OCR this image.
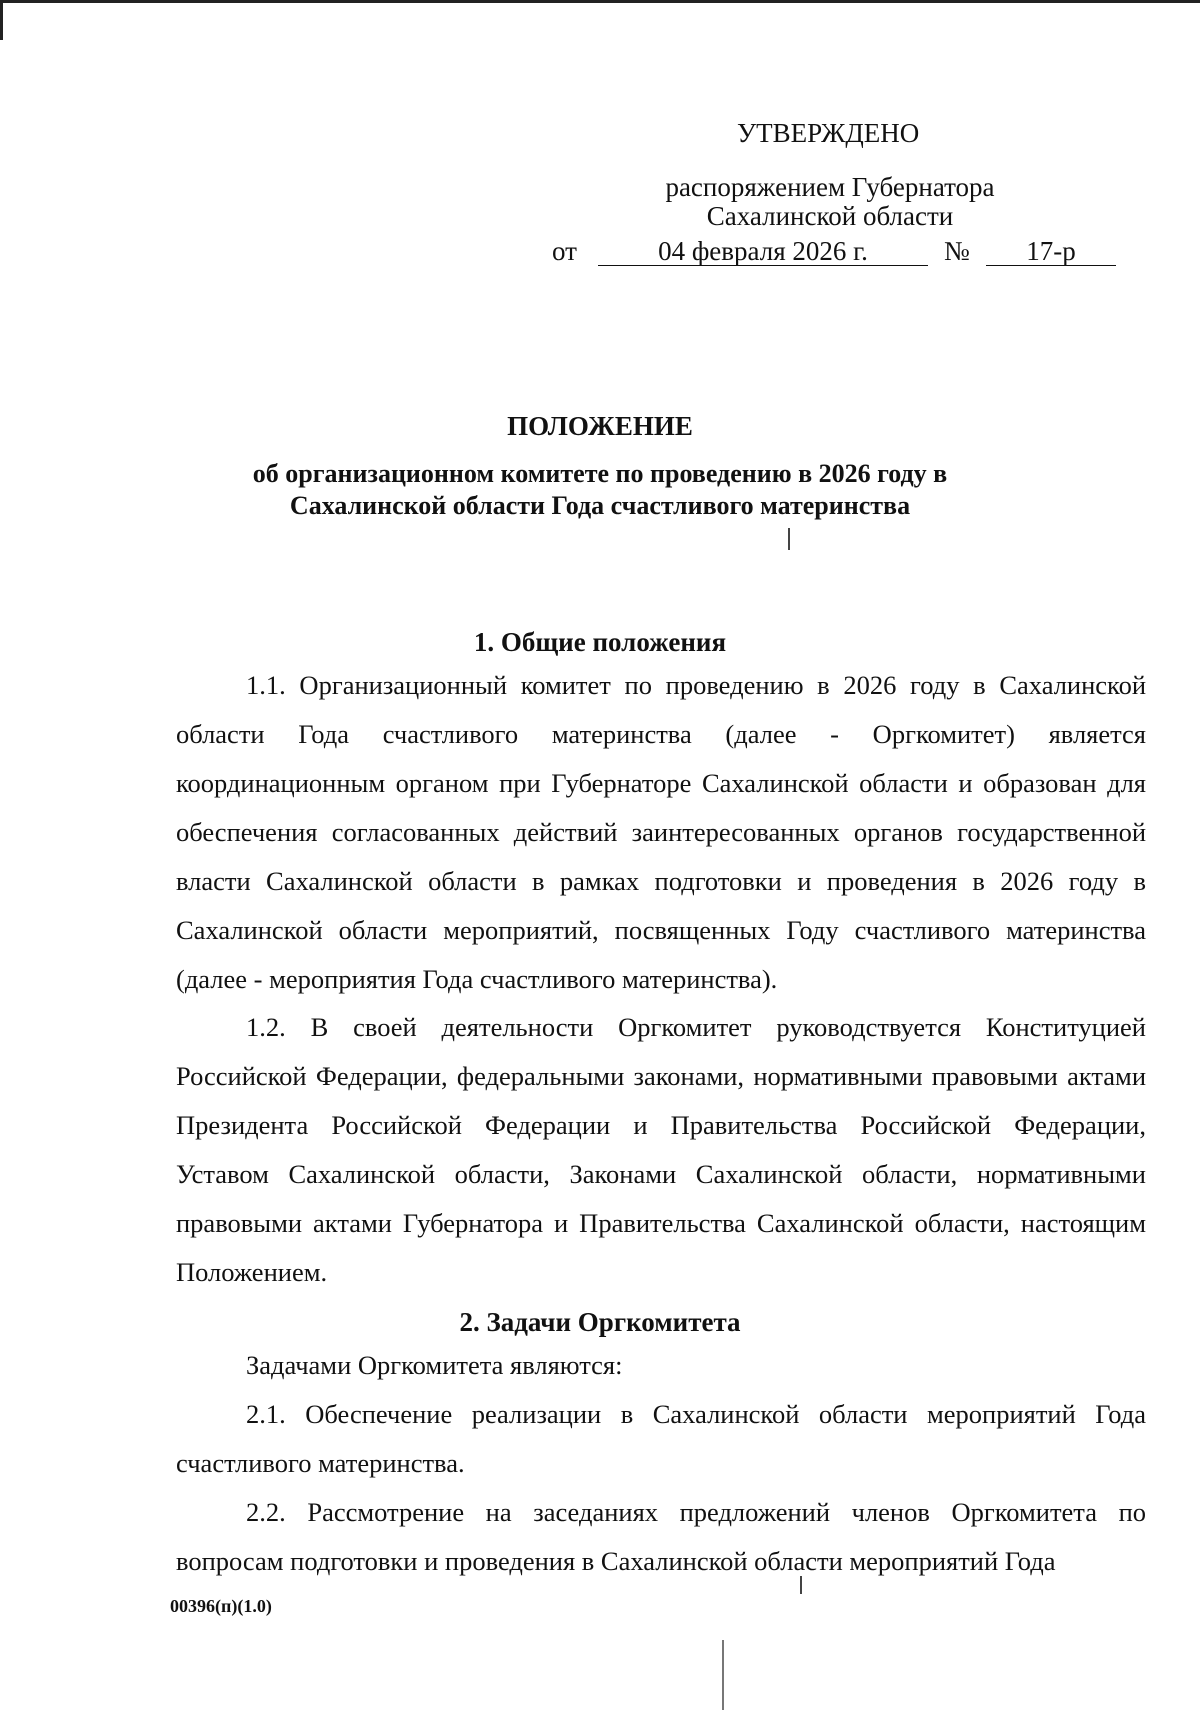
УТВЕРЖДЕНО
распоряжением Губернатора
Сахалинской области
от	04 февраля 2026 г.	№	17-р
ПОЛОЖЕНИЕ
об организационном комитете по проведению в 2026 году в Сахалинской области Года счастливого материнства
1. Общие положения
1.1. Организационный комитет по проведению в 2026 году в Сахалинской области Года счастливого материнства (далее - Оргкомитет) является координационным органом при Губернаторе Сахалинской области и образован для обеспечения согласованных действий заинтересованных органов государственной власти Сахалинской области в рамках подготовки и проведения в 2026 году в Сахалинской области мероприятий, посвященных Году счастливого материнства (далее - мероприятия Года счастливого материнства).
1.2. В своей деятельности Оргкомитет руководствуется Конституцией Российской Федерации, федеральными законами, нормативными правовыми актами Президента Российской Федерации и Правительства Российской Федерации, Уставом Сахалинской области, Законами Сахалинской области, нормативными правовыми актами Губернатора и Правительства Сахалинской области, настоящим Положением.
2. Задачи Оргкомитета
Задачами Оргкомитета являются:
2.1. Обеспечение реализации в Сахалинской области мероприятий Года счастливого материнства.
2.2. Рассмотрение на заседаниях предложений членов Оргкомитета по вопросам подготовки и проведения в Сахалинской области мероприятий Года
00396(п)(1.0)
